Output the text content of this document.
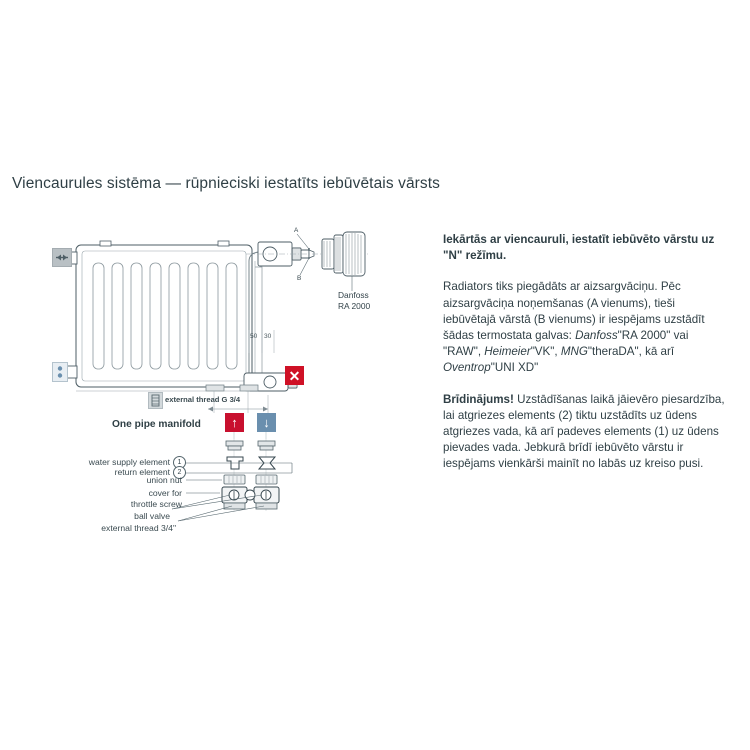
Viencaurules sistēma — rūpnieciski iestatīts iebūvētais vārsts

Iekārtās ar viencauruli, iestatīt iebūvēto vārstu uz "N" režīmu.

Radiators tiks piegādāts ar aizsargvāciņu. Pēc aizsargvāciņa noņemšanas (A vienums), tieši iebūvētajā vārstā (B vienums) ir iespējams uzstādīt šādas termostata galvas: Danfoss"RA 2000" vai "RAW", Heimeier"VK", MNG"theraDA", kā arī Oventrop"UNI XD"

Brīdinājums! Uzstādīšanas laikā jāievēro piesardzība, lai atgriezes elements (2) tiktu uzstādīts uz ūdens atgriezes vada, kā arī padeves elements (1) uz ūdens pievades vada. Jebkurā brīdī iebūvēto vārstu ir iespējams vienkārši mainīt no labās uz kreiso pusi.

A
B
Danfoss
RA 2000
50 30
✕
external thread G 3/4
One pipe manifold ↑ ↓
water supply element	1
return element	2
union nut
cover for
throttle screw
ball valve
external thread 3/4"
